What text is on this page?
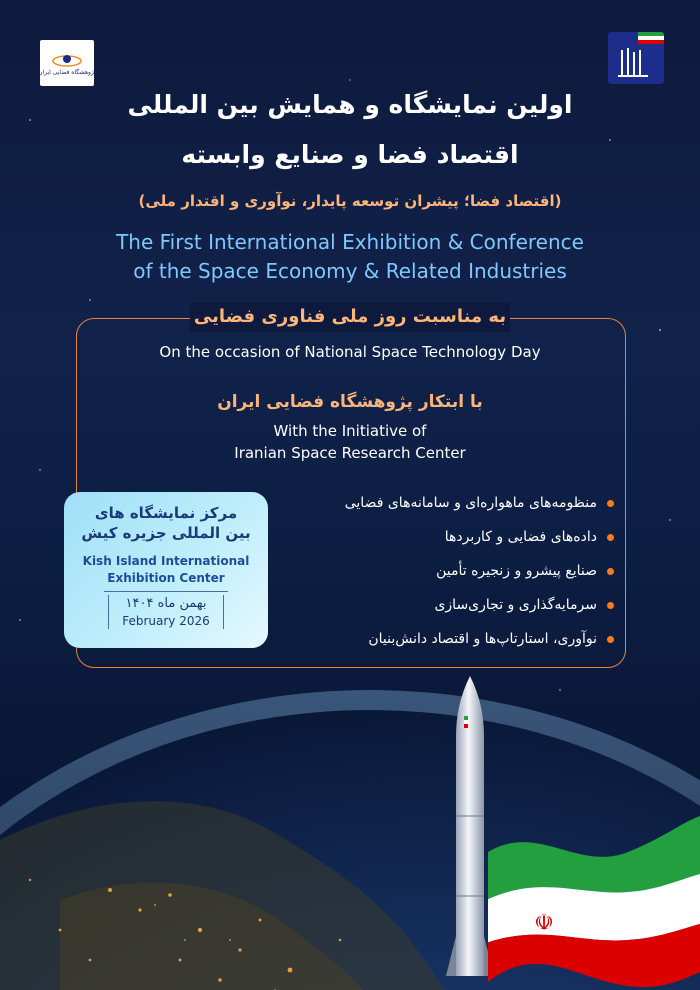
☫
پژوهشگاه فضایی ایران
اولین نمایشگاه و همایش بین المللی
اقتصاد فضا و صنایع وابسته
(اقتصاد فضا؛ پیشران توسعه پایدار، نوآوری و اقتدار ملی)
The First International Exhibition & Conference
of the Space Economy & Related Industries
به مناسبت روز ملی فناوری فضایی
On the occasion of National Space Technology Day
با ابتکار پژوهشگاه فضایی ایران
With the Initiative of
Iranian Space Research Center
مرکز نمایشگاه های
بین المللی جزیره کیش
Kish Island International
Exhibition Center
بهمن ماه ۱۴۰۴
February 2026
منظومه‌های ماهواره‌ای و سامانه‌های فضایی
داده‌های فضایی و کاربردها
صنایع پیشرو و زنجیره تأمین
سرمایه‌گذاری و تجاری‌سازی
نوآوری، استارتاپ‌ها و اقتصاد دانش‌بنیان
